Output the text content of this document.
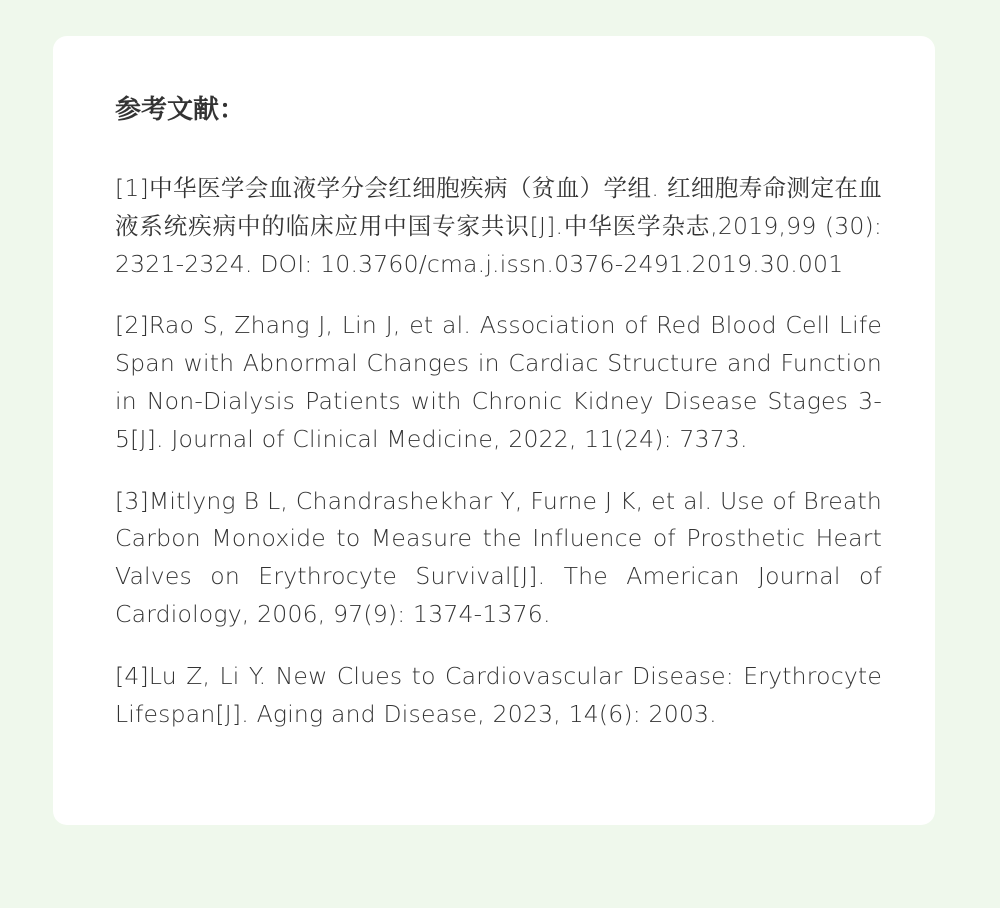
参考文献：

[1]中华医学会血液学分会红细胞疾病（贫血）学组. 红细胞寿命测定在血液系统疾病中的临床应用中国专家共识[J].中华医学杂志,2019,99 (30): 2321-2324. DOI: 10.3760/cma.j.issn.0376-2491.2019.30.001

[2]Rao S, Zhang J, Lin J, et al. Association of Red Blood Cell Life Span with Abnormal Changes in Cardiac Structure and Function in Non-Dialysis Patients with Chronic Kidney Disease Stages 3-5[J]. Journal of Clinical Medicine, 2022, 11(24): 7373.

[3]Mitlyng B L, Chandrashekhar Y, Furne J K, et al. Use of Breath Carbon Monoxide to Measure the Influence of Prosthetic Heart Valves on Erythrocyte Survival[J]. The American Journal of Cardiology, 2006, 97(9): 1374-1376.

[4]Lu Z, Li Y. New Clues to Cardiovascular Disease: Erythrocyte Lifespan[J]. Aging and Disease, 2023, 14(6): 2003.
